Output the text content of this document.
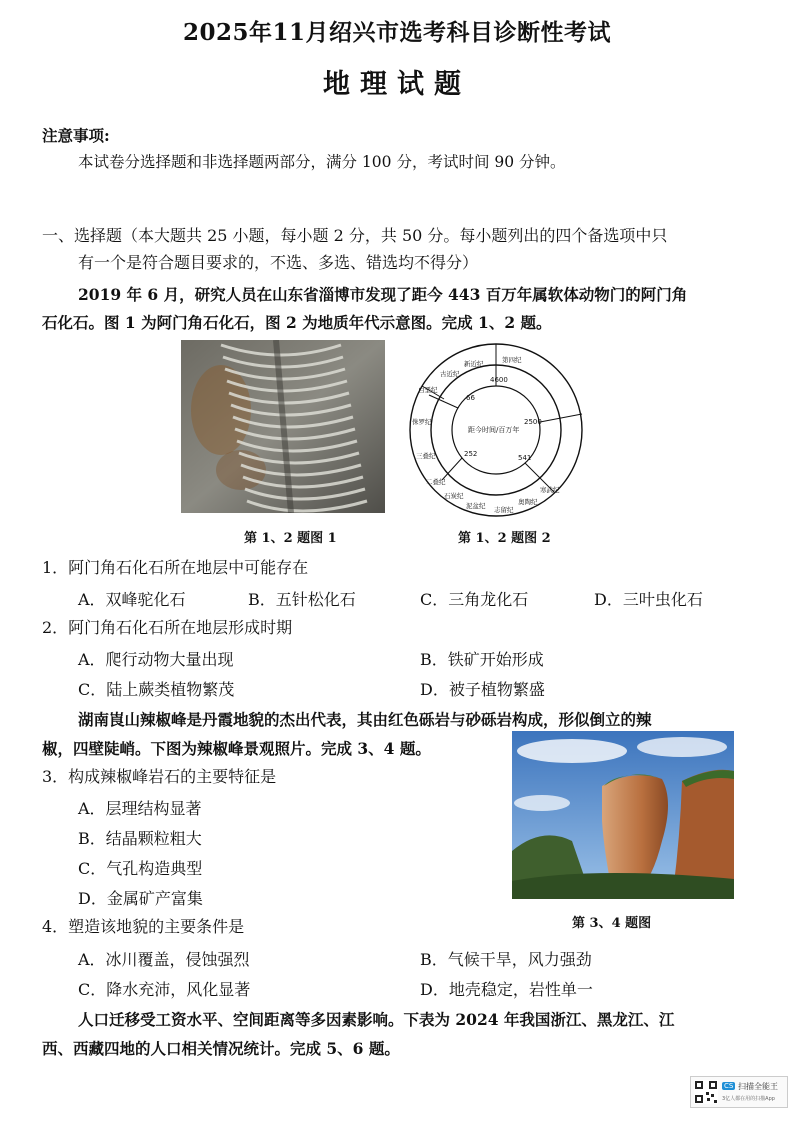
2025年11月绍兴市选考科目诊断性考试
地理试题
注意事项:
本试卷分选择题和非选择题两部分，满分 100 分，考试时间 90 分钟。
一、选择题（本大题共 25 小题，每小题 2 分，共 50 分。每小题列出的四个备选项中只
有一个是符合题目要求的，不选、多选、错选均不得分）
2019 年 6 月，研究人员在山东省淄博市发现了距今 443 百万年属软体动物门的阿门角
石化石。图 1 为阿门角石化石，图 2 为地质年代示意图。完成 1、2 题。
4600
2500
541
252
66
距今时间/百万年
第四纪
新近纪
古近纪
白垩纪
侏罗纪
三叠纪
二叠纪
石炭纪
泥盆纪 志留纪
奥陶纪
寒武纪
第 1、2 题图 1	第 1、2 题图 2
1．阿门角石化石所在地层中可能存在
A．双峰驼化石	B．五针松化石	C．三角龙化石	D．三叶虫化石
2．阿门角石化石所在地层形成时期
A．爬行动物大量出现	B．铁矿开始形成
C．陆上蕨类植物繁茂	D．被子植物繁盛
湖南崀山辣椒峰是丹霞地貌的杰出代表，其由红色砾岩与砂砾岩构成，形似倒立的辣
椒，四壁陡峭。下图为辣椒峰景观照片。完成 3、4 题。
第 3、4 题图
3．构成辣椒峰岩石的主要特征是
A．层理结构显著
B．结晶颗粒粗大
C．气孔构造典型
D．金属矿产富集
4．塑造该地貌的主要条件是
A．冰川覆盖，侵蚀强烈	B．气候干旱，风力强劲
C．降水充沛，风化显著	D．地壳稳定，岩性单一
人口迁移受工资水平、空间距离等多因素影响。下表为 2024 年我国浙江、黑龙江、江
西、西藏四地的人口相关情况统计。完成 5、6 题。
CS 扫描全能王
3亿人都在用的扫描App
